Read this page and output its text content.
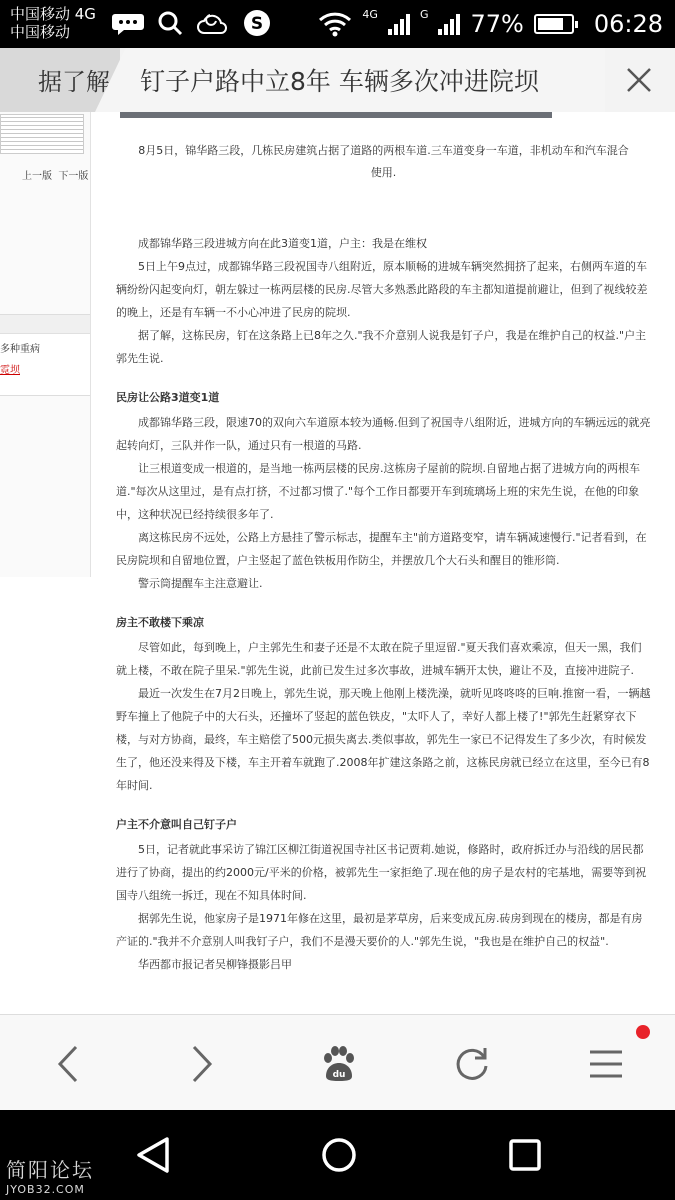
中国移动 4G
中国移动	S	4G	G 77%	06:28
据了解 钉子户路中立8年 车辆多次冲进院坝
上一版 下一版
多种重病
霓坝
8月5日，锦华路三段，几栋民房建筑占据了道路的两根车道.三车道变身一车道，非机动车和汽车混合使用.

成都锦华路三段进城方向在此3道变1道，户主：我是在维权

5日上午9点过，成都锦华路三段祝国寺八组附近，原本顺畅的进城车辆突然拥挤了起来，右侧两车道的车辆纷纷闪起变向灯，朝左躲过一栋两层楼的民房.尽管大多熟悉此路段的车主都知道提前避让，但到了视线较差的晚上，还是有车辆一不小心冲进了民房的院坝.

据了解，这栋民房，钉在这条路上已8年之久."我不介意别人说我是钉子户，我是在维护自己的权益."户主郭先生说.

民房让公路3道变1道

成都锦华路三段，限速70的双向六车道原本较为通畅.但到了祝国寺八组附近，进城方向的车辆远远的就亮起转向灯，三队并作一队，通过只有一根道的马路.

让三根道变成一根道的，是当地一栋两层楼的民房.这栋房子屋前的院坝.自留地占据了进城方向的两根车道."每次从这里过，是有点打挤，不过都习惯了."每个工作日都要开车到琉璃场上班的宋先生说，在他的印象中，这种状况已经持续很多年了.

离这栋民房不远处，公路上方悬挂了警示标志，提醒车主"前方道路变窄，请车辆减速慢行."记者看到，在民房院坝和自留地位置，户主竖起了蓝色铁板用作防尘，并摆放几个大石头和醒目的锥形筒.

警示筒提醒车主注意避让.

房主不敢楼下乘凉

尽管如此，每到晚上，户主郭先生和妻子还是不太敢在院子里逗留."夏天我们喜欢乘凉，但天一黑，我们就上楼，不敢在院子里呆."郭先生说，此前已发生过多次事故，进城车辆开太快，避让不及，直接冲进院子.

最近一次发生在7月2日晚上，郭先生说，那天晚上他刚上楼洗澡，就听见咚咚咚的巨响.推窗一看，一辆越野车撞上了他院子中的大石头，还撞坏了竖起的蓝色铁皮，"太吓人了，幸好人都上楼了!"郭先生赶紧穿衣下楼，与对方协商，最终，车主赔偿了500元损失离去.类似事故，郭先生一家已不记得发生了多少次，有时候发生了，他还没来得及下楼，车主开着车就跑了.2008年扩建这条路之前，这栋民房就已经立在这里，至今已有8年时间.

户主不介意叫自己钉子户

5日，记者就此事采访了锦江区柳江街道祝国寺社区书记贾莉.她说，修路时，政府拆迁办与沿线的居民都进行了协商，提出的约2000元/平米的价格，被郭先生一家拒绝了.现在他的房子是农村的宅基地，需要等到祝国寺八组统一拆迁，现在不知具体时间.

据郭先生说，他家房子是1971年修在这里，最初是茅草房，后来变成瓦房.砖房到现在的楼房，都是有房产证的."我并不介意别人叫我钉子户，我们不是漫天要价的人."郭先生说，"我也是在维护自己的权益".

华西都市报记者吴柳锋摄影吕甲

du
简阳论坛
JYOB32.COM
